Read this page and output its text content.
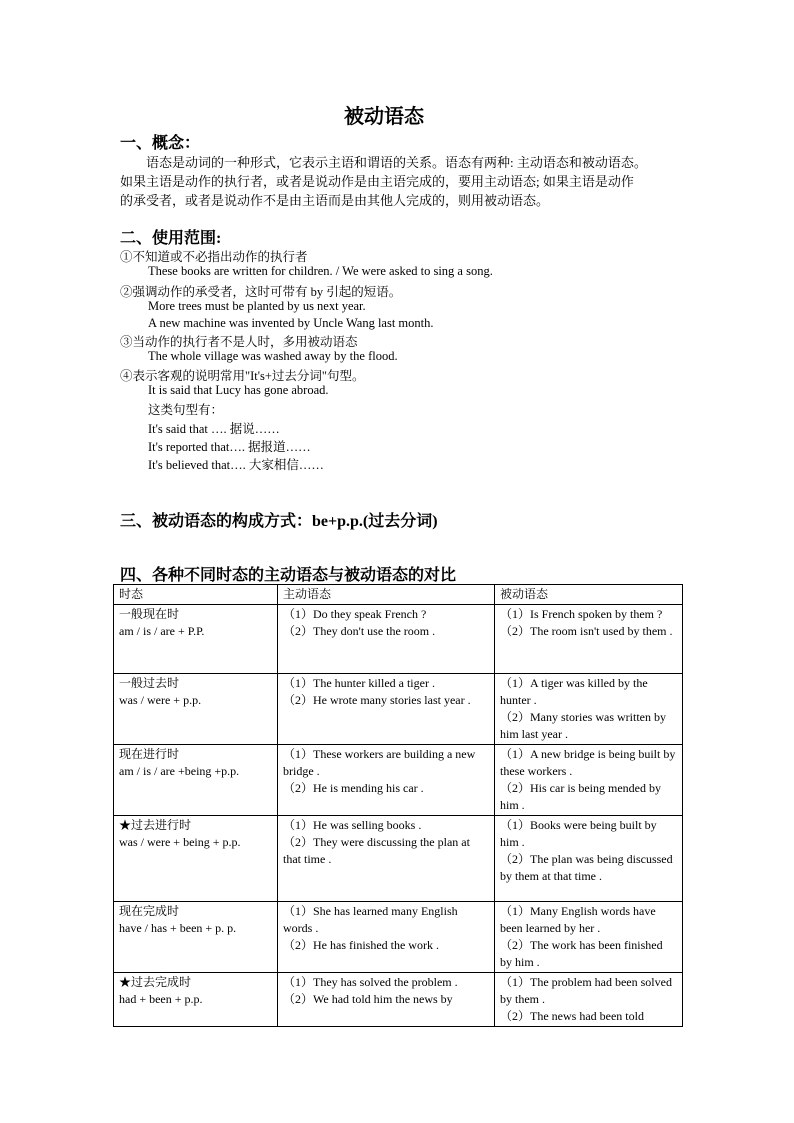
被动语态
一、概念：
语态是动词的一种形式，它表示主语和谓语的关系。语态有两种: 主动语态和被动语态。
如果主语是动作的执行者，或者是说动作是由主语完成的，要用主动语态; 如果主语是动作
的承受者，或者是说动作不是由主语而是由其他人完成的，则用被动语态。
二、使用范围:
①不知道或不必指出动作的执行者
These books are written for children. / We were asked to sing a song.
②强调动作的承受者，这时可带有 by 引起的短语。
More trees must be planted by us next year.
A new machine was invented by Uncle Wang last month.
③当动作的执行者不是人时，多用被动语态
The whole village was washed away by the flood.
④表示客观的说明常用"It's+过去分词"句型。
It is said that Lucy has gone abroad.
这类句型有：
It's said that …. 据说……
It's reported that…. 据报道……
It's believed that…. 大家相信……
三、被动语态的构成方式：be+p.p.(过去分词)
四、各种不同时态的主动语态与被动语态的对比
时态	主动语态	被动语态

一般现在时
am / is / are + P.P.	（1）Do they speak French ?
（2）They don't use the room .	（1）Is French spoken by them ?
（2）The room isn't used by them .

一般过去时
was / were + p.p.	（1）The hunter killed a tiger .
（2）He wrote many stories last year .	（1）A tiger was killed by the hunter .
（2）Many stories was written by him last year .

现在进行时
am / is / are +being +p.p.	（1）These workers are building a new bridge .
（2）He is mending his car .	（1）A new bridge is being built by these workers .
（2）His car is being mended by him .

★过去进行时
was / were + being + p.p.	（1）He was selling books .
（2）They were discussing the plan at that time .	（1）Books were being built by him .
（2）The plan was being discussed by them at that time .

现在完成时
have / has + been + p. p.	（1）She has learned many English words .
（2）He has finished the work .	（1）Many English words have been learned by her .
（2）The work has been finished by him .

★过去完成时
had + been + p.p.	（1）They has solved the problem .
（2）We had told him the news by	（1）The problem had been solved by them .
（2）The news had been told
